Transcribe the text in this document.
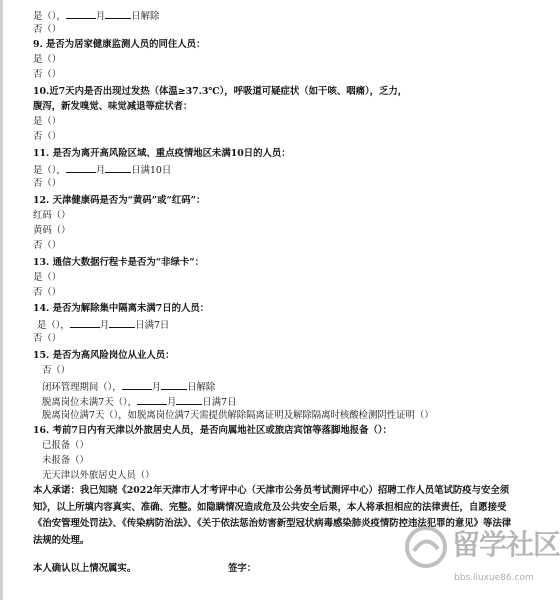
是（），	月	日解除
否（）
9. 是否为居家健康监测人员的同住人员：
是（）
否（）
10.近7天内是否出现过发热（体温≥37.3℃），呼吸道可疑症状（如干咳、咽痛），乏力，
腹泻，新发嗅觉、味觉减退等症状者：
是（）
否（）
11. 是否为离开高风险区域、重点疫情地区未满10日的人员：
是（），	月	日满10日
否（）
12. 天津健康码是否为“黄码”或“红码”：
红码（）
黄码（）
否（）
13. 通信大数据行程卡是否为“非绿卡”：
是（）
否（）
14. 是否为解除集中隔离未满7日的人员：
是（），	月	日满7日
否（）
15. 是否为高风险岗位从业人员：
否（）
闭环管理期间（），	月	日解除
脱离岗位未满7天（），	月	日满7日
脱离岗位满7天（），如脱离岗位满7天需提供解除隔离证明及解除隔离时核酸检测阴性证明（）
16. 考前7日内有天津以外旅居史人员，是否向属地社区或旅店宾馆等落脚地报备（）：
已报备（）
未报备（）
无天津以外旅居史人员（）
本人承诺：我已知晓《2022年天津市人才考评中心（天津市公务员考试测评中心）招聘工作人员笔试防疫与安全须知》，以上所填内容真实、准确、完整。如隐瞒情况造成危及公共安全后果，本人将承担相应的法律责任，自愿接受《治安管理处罚法》、《传染病防治法》、《关于依法惩治妨害新型冠状病毒感染肺炎疫情防控违法犯罪的意见》等法律法规的处理。
本人确认以上情况属实。	签字：
留学社区
bbs.liuxue86.com
